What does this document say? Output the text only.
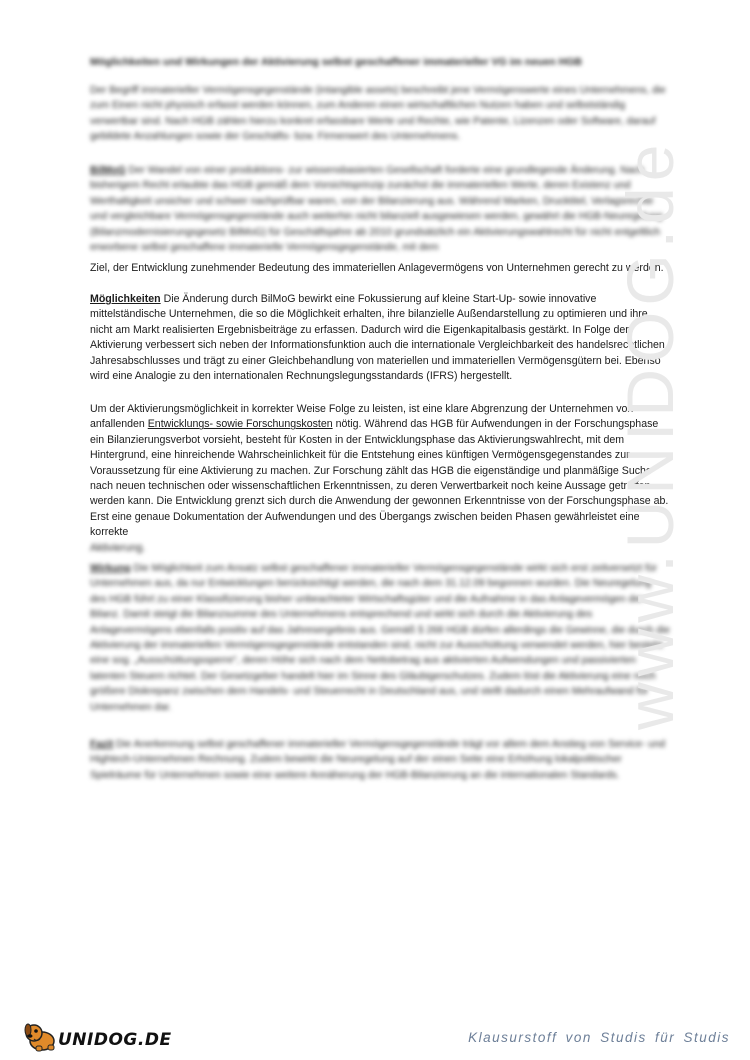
Möglichkeiten und Wirkungen der Aktivierung selbst geschaffener immaterieller VG im neuen HGB
Der Begriff immaterieller Vermögensgegenstände (intangible assets) beschreibt jene Vermögenswerte eines Unternehmens, die zum Einen nicht physisch erfasst werden können, zum Anderen einen wirtschaftlichen Nutzen haben und selbstständig verwertbar sind. Nach HGB zählen hierzu konkret erfassbare Werte und Rechte, wie Patente, Lizenzen oder Software, darauf gebildete Anzahlungen sowie der Geschäfts- bzw. Firmenwert des Unternehmens.
BilMoG Der Wandel von einer produktions- zur wissensbasierten Gesellschaft forderte eine grundlegende Änderung. Nach bisherigem Recht erlaubte das HGB gemäß dem Vorsichtsprinzip zunächst die immateriellen Werte, deren Existenz und Werthaltigkeit unsicher und schwer nachprüfbar waren, von der Bilanzierung aus. Während Marken, Drucktitel, Verlagsrechte und vergleichbare Vermögensgegenstände auch weiterhin nicht bilanziell ausgewiesen werden, gewährt die HGB-Neuregelung (Bilanzmodernisierungsgesetz BilMoG) für Geschäftsjahre ab 2010 grundsätzlich ein Aktivierungswahlrecht für nicht entgeltlich erworbene selbst geschaffene immaterielle Vermögensgegenstände, mit dem
Ziel, der Entwicklung zunehmender Bedeutung des immateriellen Anlagevermögens von Unternehmen gerecht zu werden.
Möglichkeiten Die Änderung durch BilMoG bewirkt eine Fokussierung auf kleine Start-Up- sowie innovative mittelständische Unternehmen, die so die Möglichkeit erhalten, ihre bilanzielle Außendarstellung zu optimieren und ihre nicht am Markt realisierten Ergebnisbeiträge zu erfassen. Dadurch wird die Eigenkapitalbasis gestärkt. In Folge der Aktivierung verbessert sich neben der Informationsfunktion auch die internationale Vergleichbarkeit des handelsrechtlichen Jahresabschlusses und trägt zu einer Gleichbehandlung von materiellen und immateriellen Vermögensgütern bei. Ebenso wird eine Analogie zu den internationalen Rechnungslegungsstandards (IFRS) hergestellt.
Um der Aktivierungsmöglichkeit in korrekter Weise Folge zu leisten, ist eine klare Abgrenzung der Unternehmen von anfallenden Entwicklungs- sowie Forschungskosten nötig. Während das HGB für Aufwendungen in der Forschungsphase ein Bilanzierungsverbot vorsieht, besteht für Kosten in der Entwicklungsphase das Aktivierungswahlrecht, mit dem Hintergrund, eine hinreichende Wahrscheinlichkeit für die Entstehung eines künftigen Vermögensgegenstandes zur Voraussetzung für eine Aktivierung zu machen. Zur Forschung zählt das HGB die eigenständige und planmäßige Suche nach neuen technischen oder wissenschaftlichen Erkenntnissen, zu deren Verwertbarkeit noch keine Aussage getroffen werden kann. Die Entwicklung grenzt sich durch die Anwendung der gewonnen Erkenntnisse von der Forschungsphase ab. Erst eine genaue Dokumentation der Aufwendungen und des Übergangs zwischen beiden Phasen gewährleistet eine korrekte
Aktivierung.
Wirkung Die Möglichkeit zum Ansatz selbst geschaffener immaterieller Vermögensgegenstände wirkt sich erst zeitversetzt für Unternehmen aus, da nur Entwicklungen berücksichtigt werden, die nach dem 31.12.09 begonnen wurden. Die Neuregelung des HGB führt zu einer Klassifizierung bisher unbeachteter Wirtschaftsgüter und die Aufnahme in das Anlagevermögen der Bilanz. Damit steigt die Bilanzsumme des Unternehmens entsprechend und wirkt sich durch die Aktivierung des Anlagevermögens ebenfalls positiv auf das Jahresergebnis aus. Gemäß § 268 HGB dürfen allerdings die Gewinne, die durch die Aktivierung der immateriellen Vermögensgegenstände entstanden sind, nicht zur Ausschüttung verwendet werden, hier besteht eine sog. „Ausschüttungssperre“, deren Höhe sich nach dem Nettobetrag aus aktivierten Aufwendungen und passivierten latenten Steuern richtet. Der Gesetzgeber handelt hier im Sinne des Gläubigerschutzes. Zudem löst die Aktivierung eine noch größere Diskrepanz zwischen dem Handels- und Steuerrecht in Deutschland aus, und stellt dadurch einen Mehraufwand für Unternehmen dar.
Fazit Die Anerkennung selbst geschaffener immaterieller Vermögensgegenstände trägt vor allem dem Anstieg von Service- und Hightech-Unternehmen Rechnung. Zudem bewirkt die Neuregelung auf der einen Seite eine Erhöhung lokalpolitischer Spielräume für Unternehmen sowie eine weitere Annäherung der HGB-Bilanzierung an die internationalen Standards.
www.UNIDOG.de
UNIDOG.DE	Klausurstoff von Studis für Studis
